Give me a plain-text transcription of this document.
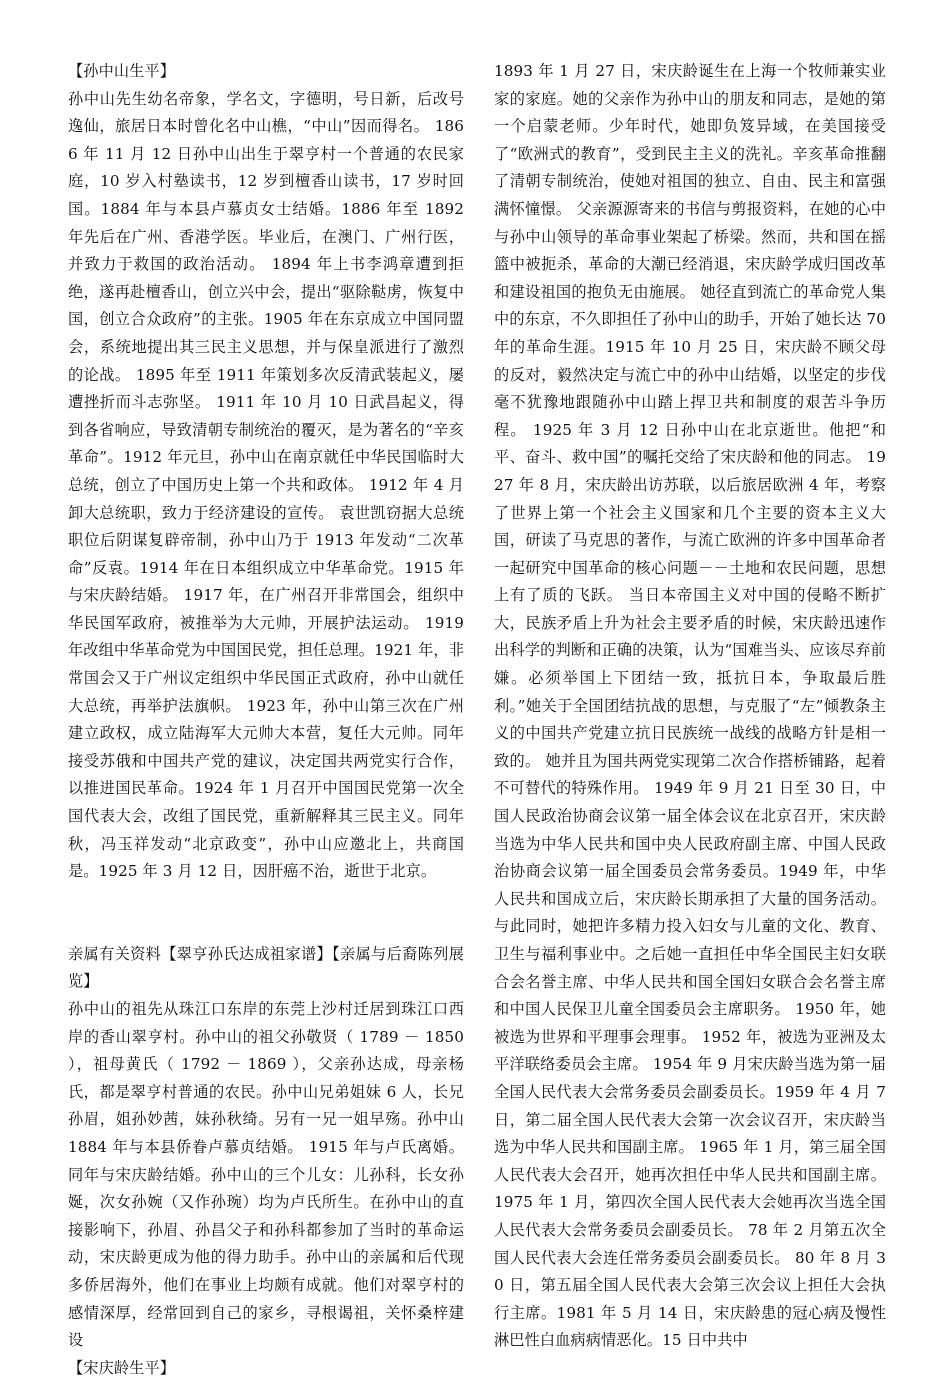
【孙中山生平】

孙中山先生幼名帝象，学名文，字德明，号日新，后改号逸仙，旅居日本时曾化名中山樵，“中山”因而得名。 1866 年 11 月 12 日孙中山出生于翠亨村一个普通的农民家庭，10 岁入村塾读书，12 岁到檀香山读书，17 岁时回国。1884 年与本县卢慕贞女士结婚。1886 年至 1892 年先后在广州、香港学医。毕业后，在澳门、广州行医，并致力于救国的政治活动。 1894 年上书李鸿章遭到拒绝，遂再赴檀香山，创立兴中会，提出“驱除鞑虏，恢复中国，创立合众政府”的主张。1905 年在东京成立中国同盟会，系统地提出其三民主义思想，并与保皇派进行了激烈的论战。 1895 年至 1911 年策划多次反清武装起义，屡遭挫折而斗志弥坚。 1911 年 10 月 10 日武昌起义，得到各省响应，导致清朝专制统治的覆灭，是为著名的“辛亥革命”。1912 年元旦，孙中山在南京就任中华民国临时大总统，创立了中国历史上第一个共和政体。 1912 年 4 月卸大总统职，致力于经济建设的宣传。 袁世凯窃据大总统职位后阴谋复辟帝制，孙中山乃于 1913 年发动“二次革命”反袁。1914 年在日本组织成立中华革命党。1915 年与宋庆龄结婚。 1917 年，在广州召开非常国会，组织中华民国军政府，被推举为大元帅，开展护法运动。 1919 年改组中华革命党为中国国民党，担任总理。1921 年，非常国会又于广州议定组织中华民国正式政府，孙中山就任大总统，再举护法旗帜。 1923 年，孙中山第三次在广州建立政权，成立陆海军大元帅大本营，复任大元帅。同年接受苏俄和中国共产党的建议，决定国共两党实行合作，以推进国民革命。1924 年 1 月召开中国国民党第一次全国代表大会，改组了国民党，重新解释其三民主义。同年秋，冯玉祥发动“北京政变”，孙中山应邀北上，共商国是。1925 年 3 月 12 日，因肝癌不治，逝世于北京。

亲属有关资料【翠亨孙氏达成祖家谱】【亲属与后裔陈列展览】

孙中山的祖先从珠江口东岸的东莞上沙村迁居到珠江口西岸的香山翠亨村。孙中山的祖父孙敬贤（ 1789 － 1850 ），祖母黄氏（ 1792 － 1869 ），父亲孙达成，母亲杨氏，都是翠亨村普通的农民。孙中山兄弟姐妹 6 人，长兄孙眉，姐孙妙茜，妹孙秋绮。另有一兄一姐早殇。孙中山 1884 年与本县侨眷卢慕贞结婚。 1915 年与卢氏离婚。同年与宋庆龄结婚。孙中山的三个儿女：儿孙科，长女孙娫，次女孙婉（又作孙琬）均为卢氏所生。在孙中山的直接影响下，孙眉、孙昌父子和孙科都参加了当时的革命运动，宋庆龄更成为他的得力助手。孙中山的亲属和后代现多侨居海外，他们在事业上均颇有成就。他们对翠亨村的感情深厚，经常回到自己的家乡，寻根谒祖，关怀桑梓建设

【宋庆龄生平】

1893 年 1 月 27 日，宋庆龄诞生在上海一个牧师兼实业家的家庭。她的父亲作为孙中山的朋友和同志，是她的第一个启蒙老师。少年时代，她即负笈异域，在美国接受了“欧洲式的教育”，受到民主主义的洗礼。辛亥革命推翻了清朝专制统治，使她对祖国的独立、自由、民主和富强满怀憧憬。 父亲源源寄来的书信与剪报资料，在她的心中与孙中山领导的革命事业架起了桥梁。然而，共和国在摇篮中被扼杀，革命的大潮已经消退，宋庆龄学成归国改革和建设祖国的抱负无由施展。 她径直到流亡的革命党人集中的东京，不久即担任了孙中山的助手，开始了她长达 70 年的革命生涯。1915 年 10 月 25 日，宋庆龄不顾父母的反对，毅然决定与流亡中的孙中山结婚，以坚定的步伐毫不犹豫地跟随孙中山踏上捍卫共和制度的艰苦斗争历程。 1925 年 3 月 12 日孙中山在北京逝世。他把“和平、奋斗、救中国”的嘱托交给了宋庆龄和他的同志。 1927 年 8 月，宋庆龄出访苏联，以后旅居欧洲 4 年，考察了世界上第一个社会主义国家和几个主要的资本主义大国，研读了马克思的著作，与流亡欧洲的许多中国革命者一起研究中国革命的核心问题－－土地和农民问题，思想上有了质的飞跃。 当日本帝国主义对中国的侵略不断扩大，民族矛盾上升为社会主要矛盾的时候，宋庆龄迅速作出科学的判断和正确的决策，认为“国难当头、应该尽弃前嫌。必须举国上下团结一致，抵抗日本，争取最后胜利。”她关于全国团结抗战的思想，与克服了“左”倾教条主义的中国共产党建立抗日民族统一战线的战略方针是相一致的。 她并且为国共两党实现第二次合作搭桥铺路，起着不可替代的特殊作用。 1949 年 9 月 21 日至 30 日，中国人民政治协商会议第一届全体会议在北京召开，宋庆龄当选为中华人民共和国中央人民政府副主席、中国人民政治协商会议第一届全国委员会常务委员。1949 年，中华人民共和国成立后，宋庆龄长期承担了大量的国务活动。与此同时，她把许多精力投入妇女与儿童的文化、教育、卫生与福利事业中。之后她一直担任中华全国民主妇女联合会名誉主席、中华人民共和国全国妇女联合会名誉主席和中国人民保卫儿童全国委员会主席职务。 1950 年，她被选为世界和平理事会理事。 1952 年，被选为亚洲及太平洋联络委员会主席。 1954 年 9 月宋庆龄当选为第一届全国人民代表大会常务委员会副委员长。1959 年 4 月 7 日，第二届全国人民代表大会第一次会议召开，宋庆龄当选为中华人民共和国副主席。 1965 年 1 月，第三届全国人民代表大会召开，她再次担任中华人民共和国副主席。 1975 年 1 月，第四次全国人民代表大会她再次当选全国人民代表大会常务委员会副委员长。 78 年 2 月第五次全国人民代表大会连任常务委员会副委员长。 80 年 8 月 30 日，第五届全国人民代表大会第三次会议上担任大会执行主席。1981 年 5 月 14 日，宋庆龄患的冠心病及慢性淋巴性白血病病情恶化。15 日中共中
